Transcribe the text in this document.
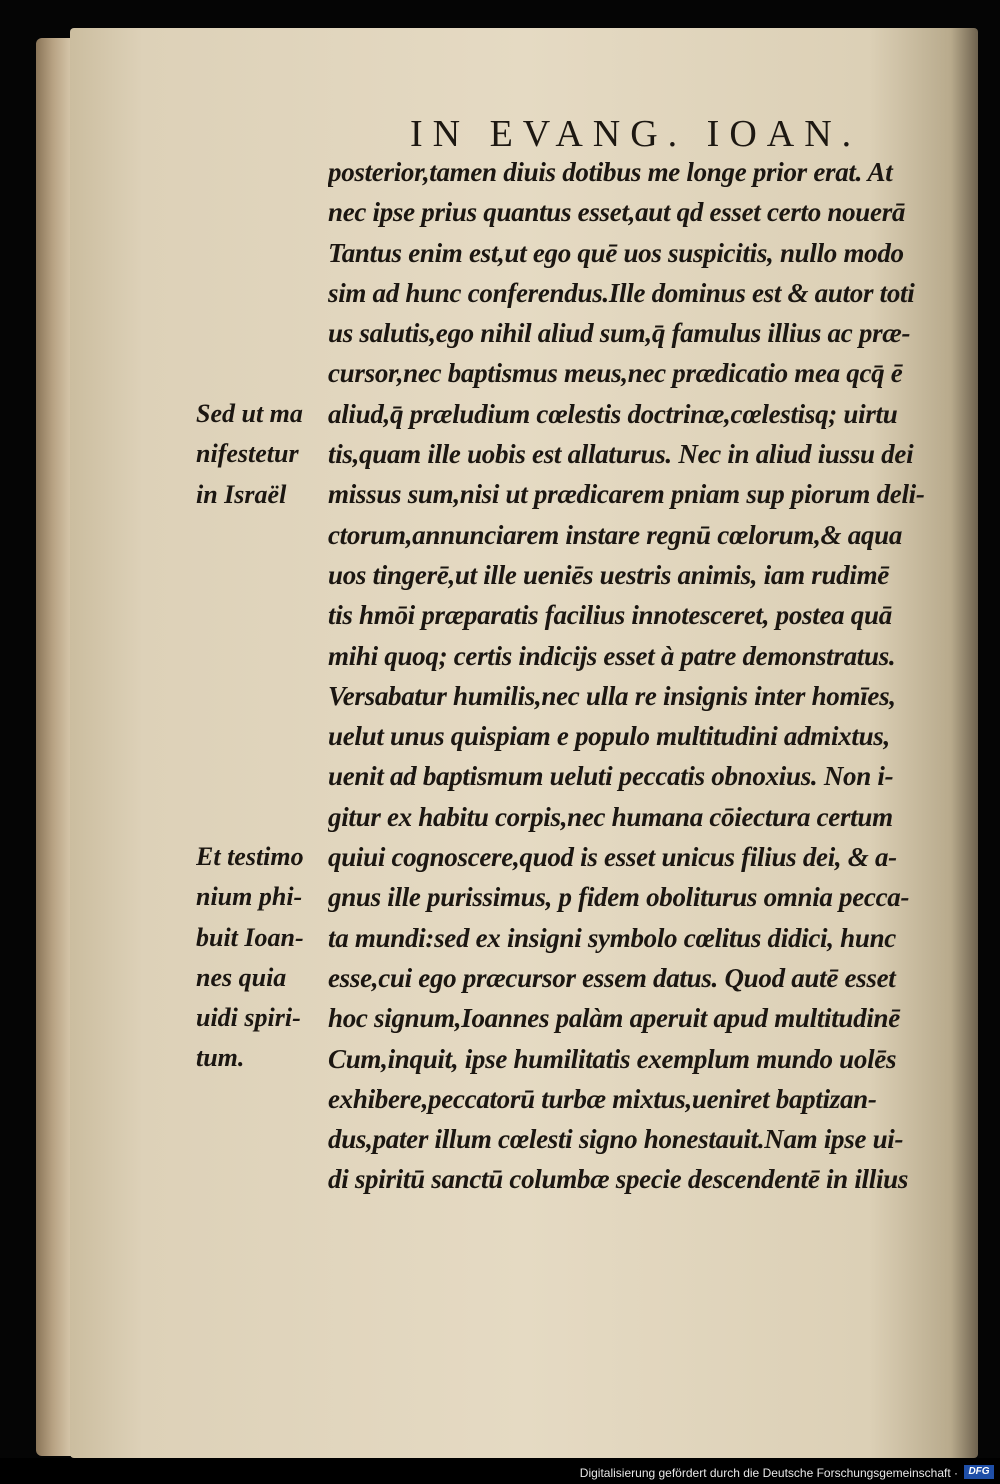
IN EVANG. IOAN.
posterior,tamen diuis dotibus me longe prior erat. At
nec ipse prius quantus esset,aut qd esset certo nouerā
Tantus enim est,ut ego quē uos suspicitis, nullo modo
sim ad hunc conferendus.Ille dominus est & autor toti
us salutis,ego nihil aliud sum,q̄ famulus illius ac præ-
cursor,nec baptismus meus,nec prædicatio mea qcq̄ ē
aliud,q̄ præludium cœlestis doctrinæ,cœlestisq; uirtu
tis,quam ille uobis est allaturus. Nec in aliud iussu dei
missus sum,nisi ut prædicarem pniam sup piorum deli-
ctorum,annunciarem instare regnū cœlorum,& aqua
uos tingerē,ut ille ueniēs uestris animis, iam rudimē
tis hmōi præparatis facilius innotesceret, postea quā
mihi quoq; certis indicijs esset à patre demonstratus.
Versabatur humilis,nec ulla re insignis inter homīes,
uelut unus quispiam e populo multitudini admixtus,
uenit ad baptismum ueluti peccatis obnoxius. Non i-
gitur ex habitu corpis,nec humana cōiectura certum
quiui cognoscere,quod is esset unicus filius dei, & a-
gnus ille purissimus, p fidem oboliturus omnia pecca-
ta mundi:sed ex insigni symbolo cœlitus didici, hunc
esse,cui ego præcursor essem datus. Quod autē esset
hoc signum,Ioannes palàm aperuit apud multitudinē
Cum,inquit, ipse humilitatis exemplum mundo uolēs
exhibere,peccatorū turbæ mixtus,ueniret baptizan-
dus,pater illum cœlesti signo honestauit.Nam ipse ui-
di spiritū sanctū columbæ specie descendentē in illius
Sed ut ma
nifestetur
in Israël
Et testimo
nium phi-
buit Ioan-
nes quia
uidi spiri-
tum.
Digitalisierung gefördert durch die Deutsche Forschungsgemeinschaft ·	DFG
